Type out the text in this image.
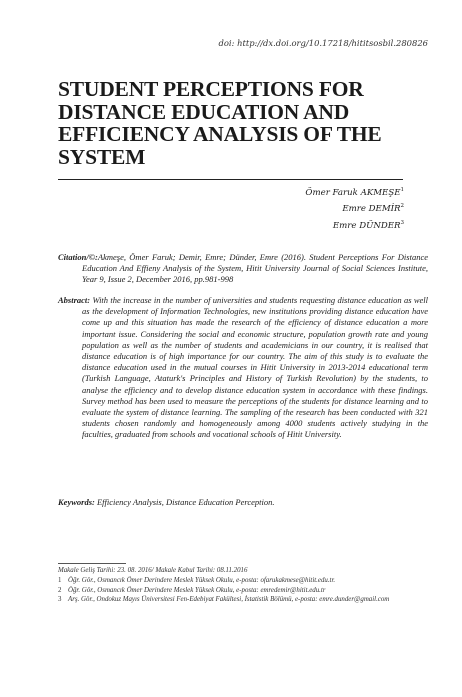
doi: http://dx.doi.org/10.17218/hititsosbil.280826
STUDENT PERCEPTIONS FOR
DISTANCE EDUCATION AND
EFFICIENCY ANALYSIS OF THE
SYSTEM
Ömer Faruk AKMEŞE$^1$
Emre DEMİR$^2$
Emre DÜNDER$^3$
Citation/©:Akmeşe, Ömer Faruk; Demir, Emre; Dünder, Emre (2016). Student Perceptions For Distance Education And Effieny Analysis of the System, Hitit University Journal of Social Sciences Institute, Year 9, Issue 2, December 2016, pp.981-998
Abstract: With the increase in the number of universities and students requesting distance education as well as the development of Information Technologies, new institutions providing distance education have come up and this situation has made the research of the efficiency of distance education a more important issue. Considering the social and economic structure, population growth rate and young population as well as the number of students and academicians in our country, it is realised that distance education is of high importance for our country. The aim of this study is to evaluate the distance education used in the mutual courses in Hitit University in 2013-2014 educational term (Turkish Language, Ataturk's Principles and History of Turkish Revolution) by the students, to analyse the efficiency and to develop distance education system in accordance with these findings. Survey method has been used to measure the perceptions of the students for distance learning and to evaluate the system of distance learning. The sampling of the research has been conducted with 321 students chosen randomly and homogeneously among 4000 students actively studying in the faculties, graduated from schools and vocational schools of Hitit University.
Keywords: Efficiency Analysis, Distance Education Perception.
Makale Geliş Tarihi: 23. 08. 2016/ Makale Kabul Tarihi: 08.11.2016
1 Öğr. Gör., Osmancık Ömer Derindere Meslek Yüksek Okulu, e-posta: ofarukakmese@hitit.edu.tr.
2 Öğr. Gör., Osmancık Ömer Derindere Meslek Yüksek Okulu, e-posta: emredemir@hitit.edu.tr
3 Arş. Gör., Ondokuz Mayıs Üniversitesi Fen-Edebiyat Fakültesi, İstatistik Bölümü, e-posta: emre.dunder@gmail.com
